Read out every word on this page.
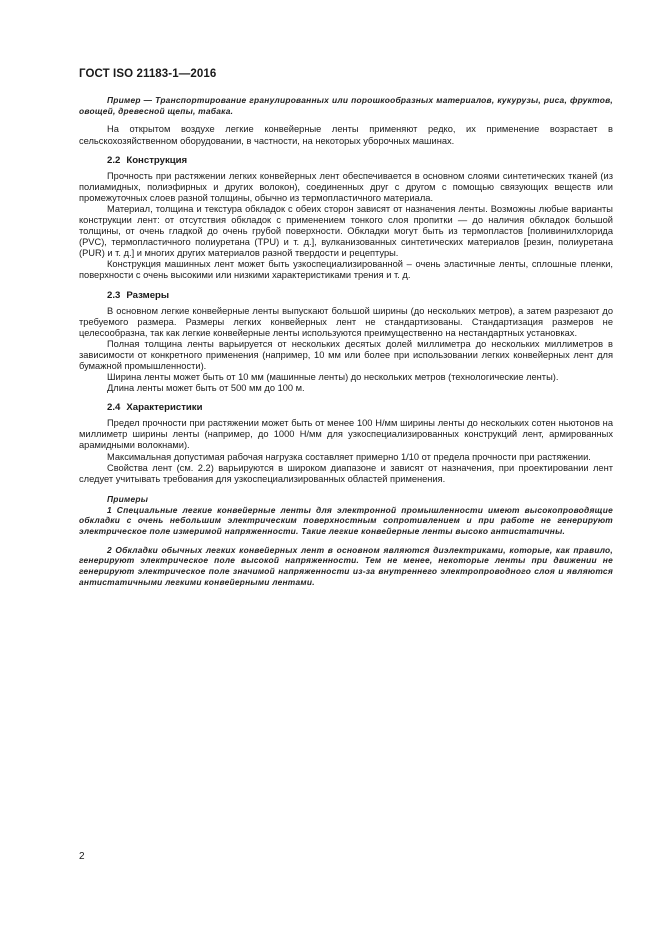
ГОСТ ISO 21183-1—2016

Пример — Транспортирование гранулированных или порошкообразных материалов, кукурузы, риса, фруктов, овощей, древесной щепы, табака.

На открытом воздухе легкие конвейерные ленты применяют редко, их применение возрастает в сельскохозяйственном оборудовании, в частности, на некоторых уборочных машинах.

2.2 Конструкция

Прочность при растяжении легких конвейерных лент обеспечивается в основном слоями синтетических тканей (из полиамидных, полиэфирных и других волокон), соединенных друг с другом с помощью связующих веществ или промежуточных слоев разной толщины, обычно из термопластичного материала.

Материал, толщина и текстура обкладок с обеих сторон зависят от назначения ленты. Возможны любые варианты конструкции лент: от отсутствия обкладок с применением тонкого слоя пропитки — до наличия обкладок большой толщины, от очень гладкой до очень грубой поверхности. Обкладки могут быть из термопластов [поливинилхлорида (PVC), термопластичного полиуретана (TPU) и т. д.], вулканизованных синтетических материалов [резин, полиуретана (PUR) и т. д.] и многих других материалов разной твердости и рецептуры.

Конструкция машинных лент может быть узкоспециализированной – очень эластичные ленты, сплошные пленки, поверхности с очень высокими или низкими характеристиками трения и т. д.

2.3 Размеры

В основном легкие конвейерные ленты выпускают большой ширины (до нескольких метров), а затем разрезают до требуемого размера. Размеры легких конвейерных лент не стандартизованы. Стандартизация размеров не целесообразна, так как легкие конвейерные ленты используются преимущественно на нестандартных установках.

Полная толщина ленты варьируется от нескольких десятых долей миллиметра до нескольких миллиметров в зависимости от конкретного применения (например, 10 мм или более при использовании легких конвейерных лент для бумажной промышленности).

Ширина ленты может быть от 10 мм (машинные ленты) до нескольких метров (технологические ленты).

Длина ленты может быть от 500 мм до 100 м.

2.4 Характеристики

Предел прочности при растяжении может быть от менее 100 Н/мм ширины ленты до нескольких сотен ньютонов на миллиметр ширины ленты (например, до 1000 Н/мм для узкоспециализированных конструкций лент, армированных арамидными волокнами).

Максимальная допустимая рабочая нагрузка составляет примерно 1/10 от предела прочности при растяжении.

Свойства лент (см. 2.2) варьируются в широком диапазоне и зависят от назначения, при проектировании лент следует учитывать требования для узкоспециализированных областей применения.

Примеры

1 Специальные легкие конвейерные ленты для электронной промышленности имеют высокопроводящие обкладки с очень небольшим электрическим поверхностным сопротивлением и при работе не генерируют электрическое поле измеримой напряженности. Такие легкие конвейерные ленты высоко антистатичны.

2 Обкладки обычных легких конвейерных лент в основном являются диэлектриками, которые, как правило, генерируют электрическое поле высокой напряженности. Тем не менее, некоторые ленты при движении не генерируют электрическое поле значимой напряженности из-за внутреннего электропроводного слоя и являются антистатичными легкими конвейерными лентами.

2
